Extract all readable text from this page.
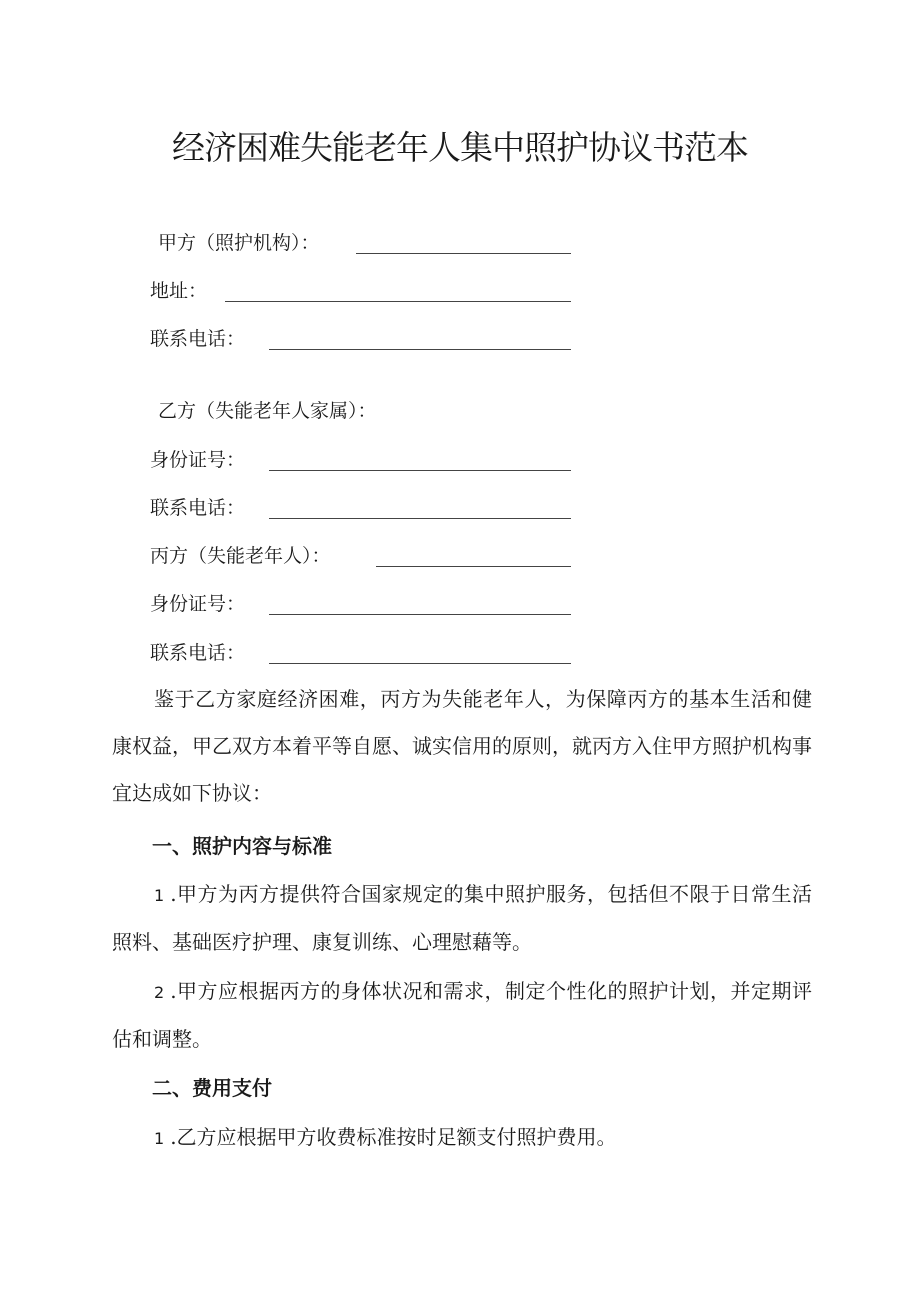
经济困难失能老年人集中照护协议书范本
甲方（照护机构）：
地址：
联系电话：
乙方（失能老年人家属）：
身份证号：
联系电话：
丙方（失能老年人）：
身份证号：
联系电话：

鉴于乙方家庭经济困难，丙方为失能老年人，为保障丙方的基本生活和健康权益，甲乙双方本着平等自愿、诚实信用的原则，就丙方入住甲方照护机构事宜达成如下协议：

一、照护内容与标准

1 .甲方为丙方提供符合国家规定的集中照护服务，包括但不限于日常生活照料、基础医疗护理、康复训练、心理慰藉等。

2 .甲方应根据丙方的身体状况和需求，制定个性化的照护计划，并定期评估和调整。

二、费用支付

1 .乙方应根据甲方收费标准按时足额支付照护费用。
